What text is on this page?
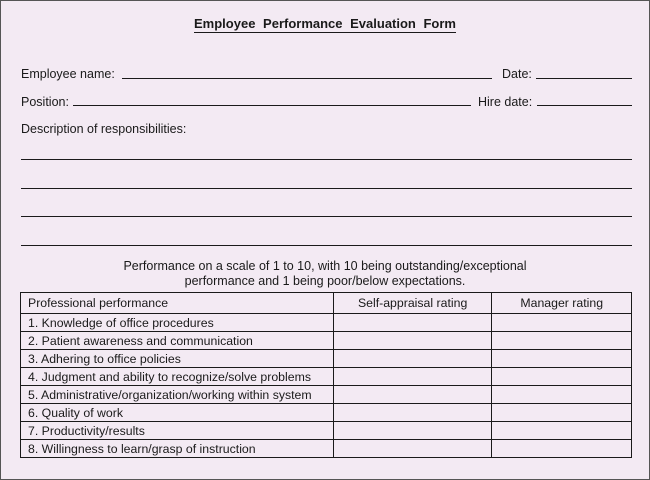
Employee Performance Evaluation Form
Employee name:	Date:
Position:	Hire date:
Description of responsibilities:
Performance on a scale of 1 to 10, with 10 being outstanding/exceptional
performance and 1 being poor/below expectations.
Professional performance	Self-appraisal rating	Manager rating
1. Knowledge of office procedures		
2. Patient awareness and communication		
3. Adhering to office policies		
4. Judgment and ability to recognize/solve problems		
5. Administrative/organization/working within system		
6. Quality of work		
7. Productivity/results		
8. Willingness to learn/grasp of instruction		
